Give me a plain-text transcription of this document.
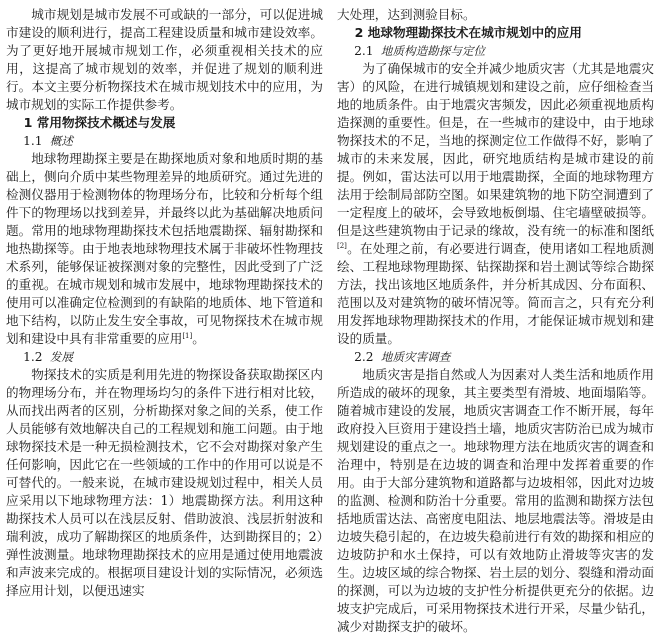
城市规划是城市发展不可或缺的一部分，可以促进城市建设的顺利进行，提高工程建设质量和城市建设效率。为了更好地开展城市规划工作，必须重视相关技术的应用，这提高了城市规划的效率，并促进了规划的顺利进行。本文主要分析物探技术在城市规划技术中的应用，为城市规划的实际工作提供参考。

1 常用物探技术概述与发展
1.1 概述

地球物理勘探主要是在勘探地质对象和地质时期的基础上，侧向介质中某些物理差异的地质研究。通过先进的检测仪器用于检测物体的物理场分布，比较和分析每个组件下的物理场以找到差异，并最终以此为基础解决地质问题。常用的地球物理勘探技术包括地震勘探、辐射勘探和地热勘探等。由于地表地球物理技术属于非破坏性物理技术系列，能够保证被探测对象的完整性，因此受到了广泛的重视。在城市规划和城市发展中，地球物理勘探技术的使用可以准确定位检测到的有缺陷的地质体、地下管道和地下结构，以防止发生安全事故，可见物探技术在城市规划和建设中具有非常重要的应用[1]。

1.2 发展

物探技术的实质是利用先进的物探设备获取勘探区内的物理场分布，并在物理场均匀的条件下进行相对比较，从而找出两者的区别，分析勘探对象之间的关系，使工作人员能够有效地解决自己的工程规划和施工问题。由于地球物探技术是一种无损检测技术，它不会对勘探对象产生任何影响，因此它在一些领域的工作中的作用可以说是不可替代的。一般来说，在城市建设规划过程中，相关人员应采用以下地球物理方法：1）地震勘探方法。利用这种勘探技术人员可以在浅层反射、借助波浪、浅层折射波和瑞利波，成功了解勘探区的地质条件，达到勘探目的；2）弹性波测量。地球物理勘探技术的应用是通过使用地震波和声波来完成的。根据项目建设计划的实际情况，必须选择应用计划，以便迅速实

大处理，达到测验目标。

2 地球物理勘探技术在城市规划中的应用
2.1 地质构造勘探与定位

为了确保城市的安全并减少地质灾害（尤其是地震灾害）的风险，在进行城镇规划和建设之前，应仔细检查当地的地质条件。由于地震灾害频发，因此必须重视地质构造探测的重要性。但是，在一些城市的建设中，由于地球物探技术的不足，当地的探测定位工作做得不好，影响了城市的未来发展，因此，研究地质结构是城市建设的前提。例如，雷达法可以用于地震勘探，全面的地球物理方法用于绘制局部防空图。如果建筑物的地下防空洞遭到了一定程度上的破坏，会导致地板倒塌、住宅墙壁破损等。但是这些建筑物由于记录的缘故，没有统一的标准和图纸[2]。在处理之前，有必要进行调查，使用诸如工程地质测绘、工程地球物理勘探、钻探勘探和岩土测试等综合勘探方法，找出该地区地质条件，并分析其成因、分布面积、范围以及对建筑物的破坏情况等。简而言之，只有充分利用发挥地球物理勘探技术的作用，才能保证城市规划和建设的质量。

2.2 地质灾害调查

地质灾害是指自然或人为因素对人类生活和地质作用所造成的破坏的现象，其主要类型有滑坡、地面塌陷等。随着城市建设的发展，地质灾害调查工作不断开展，每年政府投入巨资用于建设挡土墙，地质灾害防治已成为城市规划建设的重点之一。地球物理方法在地质灾害的调查和治理中，特别是在边坡的调查和治理中发挥着重要的作用。由于大部分建筑物和道路都与边坡相邻，因此对边坡的监测、检测和防治十分重要。常用的监测和勘探方法包括地质雷达法、高密度电阻法、地层地震法等。滑坡是由边坡失稳引起的，在边坡失稳前进行有效的勘探和相应的边坡防护和水土保持，可以有效地防止滑坡等灾害的发生。边坡区域的综合物探、岩土层的划分、裂缝和滑动面的探测，可以为边坡的支护性分析提供更充分的依据。边坡支护完成后，可采用物探技术进行开采，尽量少钻孔，减少对勘探支护的破坏。
